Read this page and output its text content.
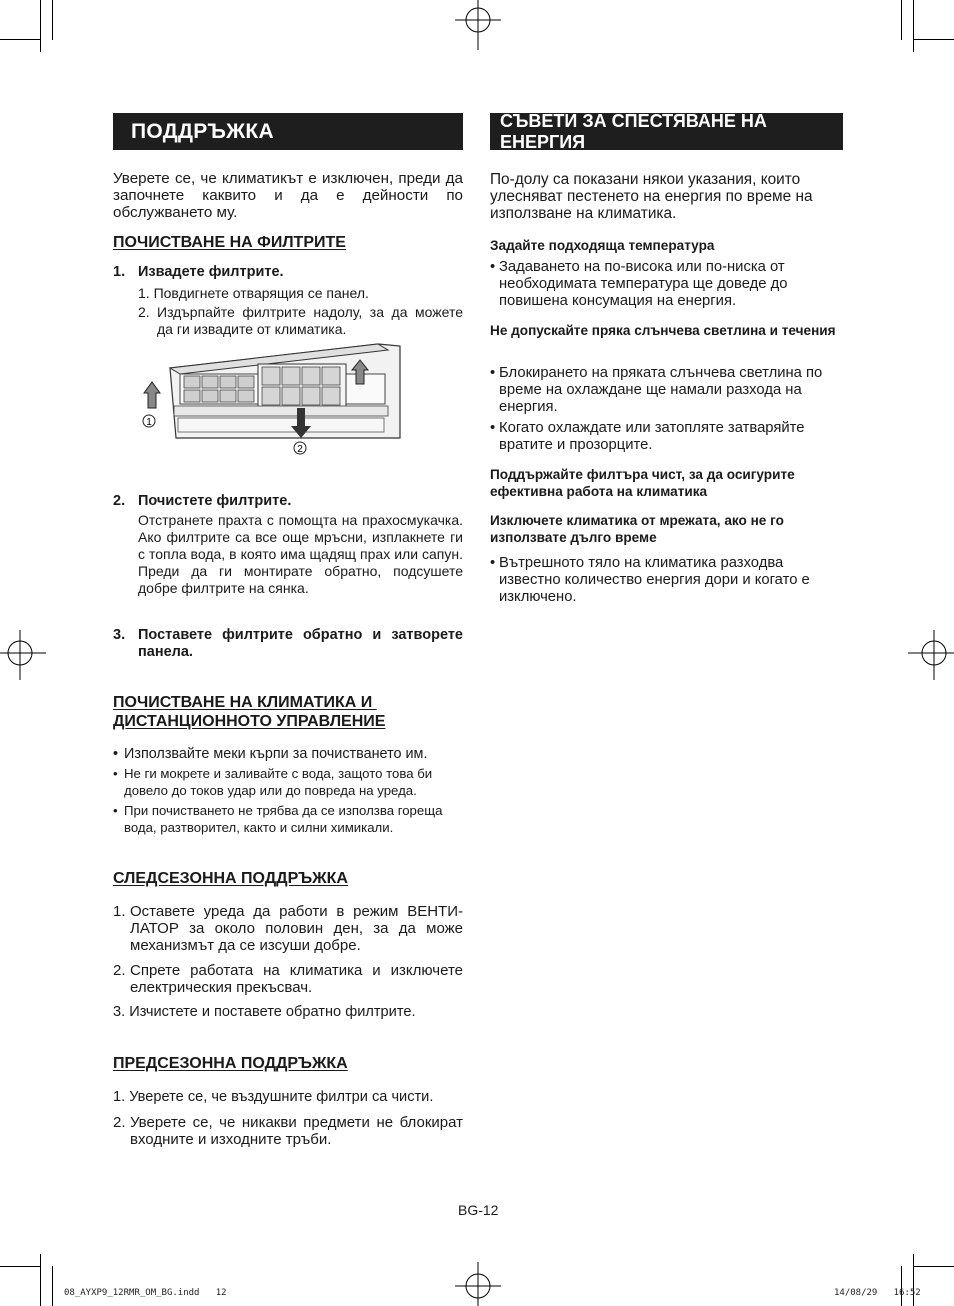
ПОДДРЪЖКА
Уверете се, че климатикът е изключен, преди да започнете каквито и да е дейности по обслужването му.
ПОЧИСТВАНЕ НА ФИЛТРИТЕ
1. Извадете филтрите.
1. Повдигнете отварящия се панел.
2. Издърпайте филтрите надолу, за да можете да ги извадите от климатика.
1
2
2. Почистете филтрите.
Отстранете прахта с помощта на прахосмукачка. Ако филтрите са все още мръсни, изплакнете ги с топла вода, в която има щадящ прах или сапун. Преди да ги монтирате обратно, подсушете добре филтрите на сянка.
3. Поставете филтрите обратно и затворете панела.
ПОЧИСТВАНЕ НА КЛИМАТИКА И
ДИСТАНЦИОННОТО УПРАВЛЕНИЕ
• Използвайте меки кърпи за почистването им.
• Не ги мокрете и заливайте с вода, защото това би довело до токов удар или до повреда на уреда.
• При почистването не трябва да се използва гореща вода, разтворител, както и силни химикали.
СЛЕДСЕЗОННА ПОДДРЪЖКА
1. Оставете уреда да работи в режим ВЕНТИЛАТОР за около половин ден, за да може механизмът да се изсуши добре.
2. Спрете работата на климатика и изключете електрическия прекъсвач.
3. Изчистете и поставете обратно филтрите.
ПРЕДСЕЗОННА ПОДДРЪЖКА
1. Уверете се, че въздушните филтри са чисти.
2. Уверете се, че никакви предмети не блокират входните и изходните тръби.
СЪВЕТИ ЗА СПЕСТЯВАНЕ НА ЕНЕРГИЯ
По-долу са показани някои указания, които улесняват пестенето на енергия по време на използване на климатика.
Задайте подходяща температура
• Задаването на по-висока или по-ниска от необходимата температура ще доведе до повишена консумация на енергия.
Не допускайте пряка слънчева светлина и течения
• Блокирането на пряката слънчева светлина по време на охлаждане ще намали разхода на енергия.
• Когато охлаждате или затопляте затваряйте вратите и прозорците.
Поддържайте филтъра чист, за да осигурите ефективна работа на климатика
Изключете климатика от мрежата, ако не го използвате дълго време
• Вътрешното тяло на климатика разходва известно количество енергия дори и когато е изключено.
BG-12
08_AYXP9_12RMR_OM_BG.indd   12	14/08/29   16:52
